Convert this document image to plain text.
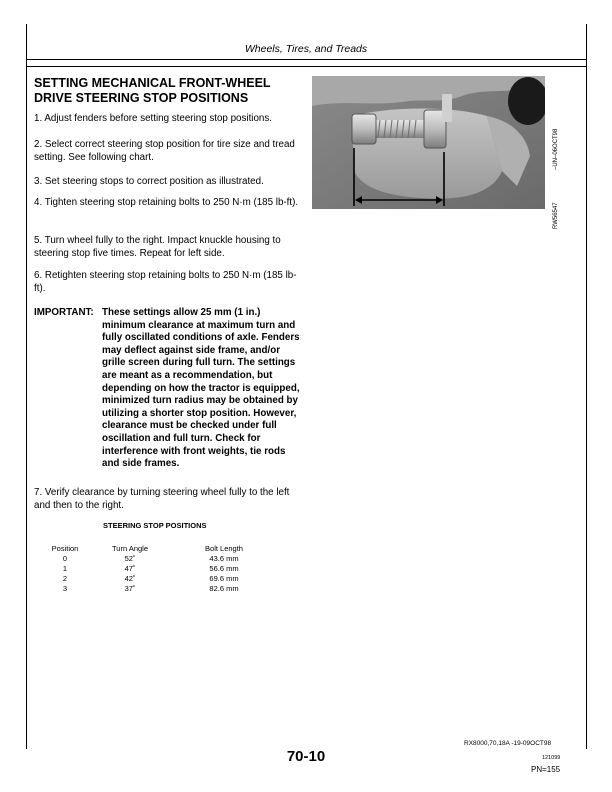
Wheels, Tires, and Treads
SETTING MECHANICAL FRONT-WHEEL
DRIVE STEERING STOP POSITIONS
1. Adjust fenders before setting steering stop positions.
2. Select correct steering stop position for tire size and tread setting. See following chart.
3. Set steering stops to correct position as illustrated.
4. Tighten steering stop retaining bolts to 250 N·m (185 lb-ft).
5. Turn wheel fully to the right. Impact knuckle housing to steering stop five times. Repeat for left side.
6. Retighten steering stop retaining bolts to 250 N·m (185 lb-ft).
IMPORTANT: These settings allow 25 mm (1 in.) minimum clearance at maximum turn and fully oscillated conditions of axle. Fenders may deflect against side frame, and/or grille screen during full turn. The settings are meant as a recommendation, but depending on how the tractor is equipped, minimized turn radius may be obtained by utilizing a shorter stop position. However, clearance must be checked under full oscillation and full turn. Check for interference with front weights, tie rods and side frames.
7. Verify clearance by turning steering wheel fully to the left and then to the right.
STEERING STOP POSITIONS
Position	Turn Angle	Bolt Length
0	52˚	43.6 mm
1	47˚	56.6 mm
2	42˚	69.6 mm
3	37˚	82.6 mm
–UN–06OCT98
RW56547
RX8000,70,18A -19-09OCT98
70-10	121099
PN=155
